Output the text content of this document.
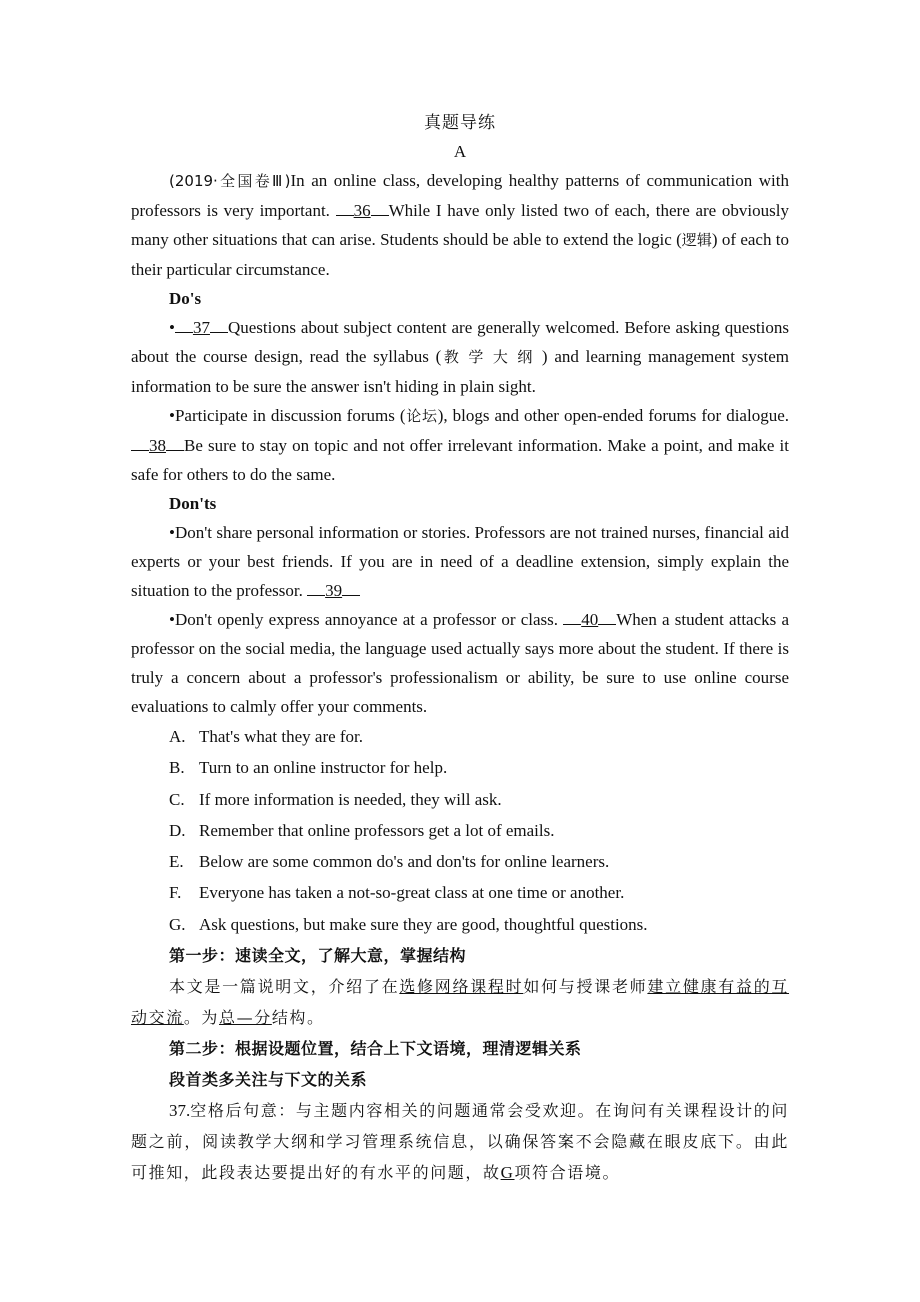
真题导练
A

(2019·全国卷Ⅲ)In an online class, developing healthy patterns of communication with professors is very important. 36 While I have only listed two of each, there are obviously many other situations that can arise. Students should be able to extend the logic (逻辑) of each to their particular circumstance.

Do's

• 37 Questions about subject content are generally welcomed. Before asking questions about the course design, read the syllabus (教学大纲) and learning management system information to be sure the answer isn't hiding in plain sight.

•Participate in discussion forums (论坛), blogs and other open-ended forums for dialogue. 38 Be sure to stay on topic and not offer irrelevant information. Make a point, and make it safe for others to do the same.

Don'ts

•Don't share personal information or stories. Professors are not trained nurses, financial aid experts or your best friends. If you are in need of a deadline extension, simply explain the situation to the professor. 39

•Don't openly express annoyance at a professor or class. 40 When a student attacks a professor on the social media, the language used actually says more about the student. If there is truly a concern about a professor's professionalism or ability, be sure to use online course evaluations to calmly offer your comments.

A. That's what they are for.
B. Turn to an online instructor for help.
C. If more information is needed, they will ask.
D. Remember that online professors get a lot of emails.
E. Below are some common do's and don'ts for online learners.
F. Everyone has taken a not-so-great class at one time or another.
G. Ask questions, but make sure they are good, thoughtful questions.
第一步：速读全文，了解大意，掌握结构

本文是一篇说明文，介绍了在选修网络课程时如何与授课老师建立健康有益的互动交流。为总—分结构。

第二步：根据设题位置，结合上下文语境，理清逻辑关系
段首类多关注与下文的关系

37.空格后句意：与主题内容相关的问题通常会受欢迎。在询问有关课程设计的问题之前，阅读教学大纲和学习管理系统信息，以确保答案不会隐藏在眼皮底下。由此可推知，此段表达要提出好的有水平的问题，故G项符合语境。
